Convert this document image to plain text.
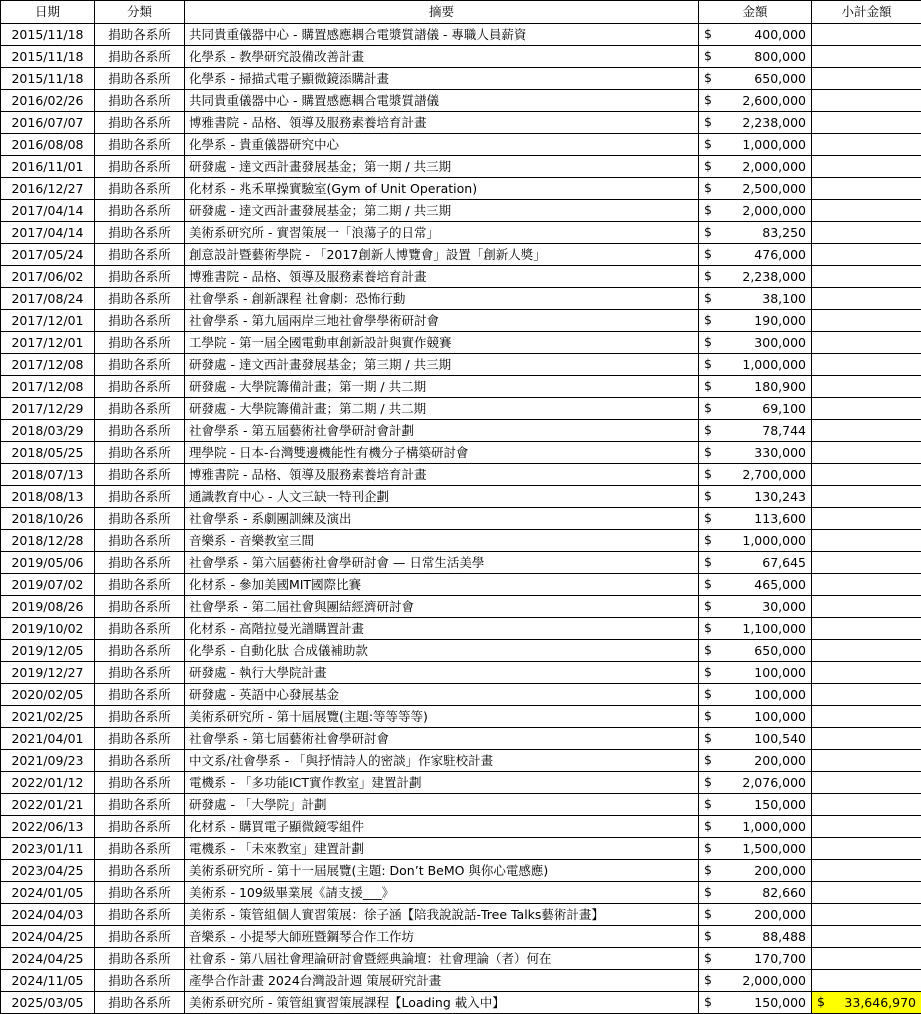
日期	分類	摘要	金額	小計金額
2015/11/18	捐助各系所	共同貴重儀器中心 - 購置感應耦合電漿質譜儀 - 專職人員薪資	$ 400,000	
2015/11/18	捐助各系所	化學系 - 教學研究設備改善計畫	$ 800,000	
2015/11/18	捐助各系所	化學系 - 掃描式電子顯微鏡添購計畫	$ 650,000	
2016/02/26	捐助各系所	共同貴重儀器中心 - 購置感應耦合電漿質譜儀	$ 2,600,000	
2016/07/07	捐助各系所	博雅書院 - 品格、領導及服務素養培育計畫	$ 2,238,000	
2016/08/08	捐助各系所	化學系 - 貴重儀器研究中心	$ 1,000,000	
2016/11/01	捐助各系所	研發處 - 達文西計畫發展基金；第一期 / 共三期	$ 2,000,000	
2016/12/27	捐助各系所	化材系 - 兆禾單操實驗室(Gym of Unit Operation)	$ 2,500,000	
2017/04/14	捐助各系所	研發處 - 達文西計畫發展基金；第二期 / 共三期	$ 2,000,000	
2017/04/14	捐助各系所	美術系研究所 - 實習策展一「浪蕩子的日常」	$ 83,250	
2017/05/24	捐助各系所	創意設計暨藝術學院 - 「2017創新人博覽會」設置「創新人獎」	$ 476,000	
2017/06/02	捐助各系所	博雅書院 - 品格、領導及服務素養培育計畫	$ 2,238,000	
2017/08/24	捐助各系所	社會學系 - 創新課程 社會劇：恐怖行動	$ 38,100	
2017/12/01	捐助各系所	社會學系 - 第九屆兩岸三地社會學學術研討會	$ 190,000	
2017/12/01	捐助各系所	工學院 - 第一屆全國電動車創新設計與實作競賽	$ 300,000	
2017/12/08	捐助各系所	研發處 - 達文西計畫發展基金；第三期 / 共三期	$ 1,000,000	
2017/12/08	捐助各系所	研發處 - 大學院籌備計畫；第一期 / 共二期	$ 180,900	
2017/12/29	捐助各系所	研發處 - 大學院籌備計畫；第二期 / 共二期	$ 69,100	
2018/03/29	捐助各系所	社會學系 - 第五屆藝術社會學研討會計劃	$ 78,744	
2018/05/25	捐助各系所	理學院 - 日本-台灣雙邊機能性有機分子構築研討會	$ 330,000	
2018/07/13	捐助各系所	博雅書院 - 品格、領導及服務素養培育計畫	$ 2,700,000	
2018/08/13	捐助各系所	通識教育中心 - 人文三缺一特刊企劃	$ 130,243	
2018/10/26	捐助各系所	社會學系 - 系劇團訓練及演出	$ 113,600	
2018/12/28	捐助各系所	音樂系 - 音樂教室三間	$ 1,000,000	
2019/05/06	捐助各系所	社會學系 - 第六屆藝術社會學研討會 — 日常生活美學	$ 67,645	
2019/07/02	捐助各系所	化材系 - 參加美國MIT國際比賽	$ 465,000	
2019/08/26	捐助各系所	社會學系 - 第二屆社會與團結經濟研討會	$ 30,000	
2019/10/02	捐助各系所	化材系 - 高階拉曼光譜購置計畫	$ 1,100,000	
2019/12/05	捐助各系所	化學系 - 自動化肽 合成儀補助款	$ 650,000	
2019/12/27	捐助各系所	研發處 - 執行大學院計畫	$ 100,000	
2020/02/05	捐助各系所	研發處 - 英語中心發展基金	$ 100,000	
2021/02/25	捐助各系所	美術系研究所 - 第十屆展覽(主題:等等等等)	$ 100,000	
2021/04/01	捐助各系所	社會學系 - 第七屆藝術社會學研討會	$ 100,540	
2021/09/23	捐助各系所	中文系/社會學系 - 「與抒情詩人的密談」作家駐校計畫	$ 200,000	
2022/01/12	捐助各系所	電機系 - 「多功能ICT實作教室」建置計劃	$ 2,076,000	
2022/01/21	捐助各系所	研發處 - 「大學院」計劃	$ 150,000	
2022/06/13	捐助各系所	化材系 - 購買電子顯微鏡零組件	$ 1,000,000	
2023/01/11	捐助各系所	電機系 - 「未來教室」建置計劃	$ 1,500,000	
2023/04/25	捐助各系所	美術系研究所 - 第十一屆展覽(主題: Don’t BeMO 與你心電感應)	$ 200,000	
2024/01/05	捐助各系所	美術系 - 109級畢業展《請支援___》	$ 82,660	
2024/04/03	捐助各系所	美術系 - 策管組個人實習策展：徐子涵【陪我說說話-Tree Talks藝術計畫】	$ 200,000	
2024/04/25	捐助各系所	音樂系 - 小提琴大師班暨鋼琴合作工作坊	$ 88,488	
2024/04/25	捐助各系所	社會系 - 第八屆社會理論研討會暨經典論壇：社會理論（者）何在	$ 170,700	
2024/11/05	捐助各系所	產學合作計畫 2024台灣設計週 策展研究計畫	$ 2,000,000	
2025/03/05	捐助各系所	美術系研究所 - 策管組實習策展課程【Loading 載入中】	$ 150,000	$ 33,646,970
